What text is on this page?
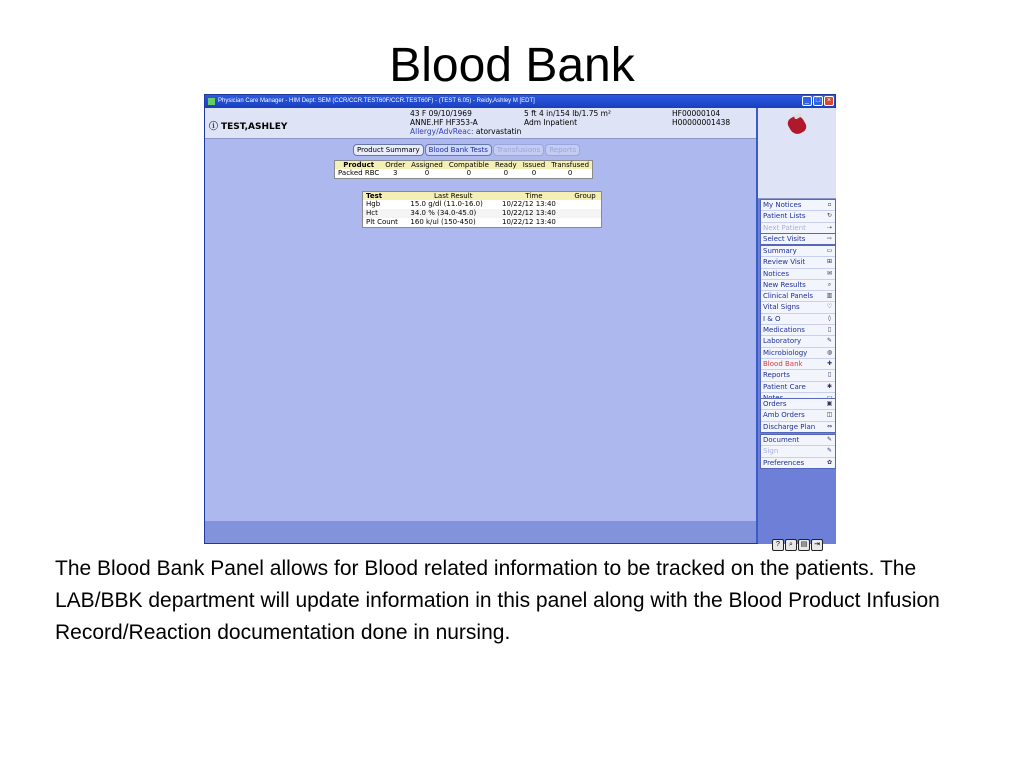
Blood Bank
Physician Care Manager - HIM Dept: SEM (CCR/CCR.TEST60F/CCR.TEST60F) - (TEST 6.05) - Reidy,Ashley M [EDT]	_ □ ×
ⓘ TEST,ASHLEY
43 F 09/10/1969
ANNE.HF HF353-A
Allergy/AdvReac: atorvastatin
5 ft 4 in/154 lb/1.75 m²
Adm Inpatient
HF00000104
H00000001438
Product Summary Blood Bank Tests Transfusions Reports
Product	Order	Assigned	Compatible	Ready	Issued	Transfused
Packed RBC	3	0	0	0	0	0
Test	Last Result	Time	Group
Hgb	15.0 g/dl (11.0-16.0)	10/22/12 13:40	
Hct	34.0 % (34.0-45.0)	10/22/12 13:40	
Plt Count	160 k/ul (150-450)	10/22/12 13:40	
My Notices	▫
Patient Lists	↻
Next Patient	⇢
Select Visits	⇨
Summary	▭
Review Visit	⊞
Notices	✉
New Results	⌕
Clinical Panels ▥
Vital Signs	♡
I & O	◊
Medications	▯
Laboratory	✎
Microbiology	◍
Blood Bank	✚
Reports	▯
Patient Care	✱
Orders	▣
Amb Orders	◫
Discharge Plan ⇔
Document	✎
Sign	✎
Preferences	✿
? ⌕ ▤ ⇥
The Blood Bank Panel allows for Blood related information to be tracked on the patients. The LAB/BBK department will update information in this panel along with the Blood Product Infusion Record/Reaction documentation done in nursing.
